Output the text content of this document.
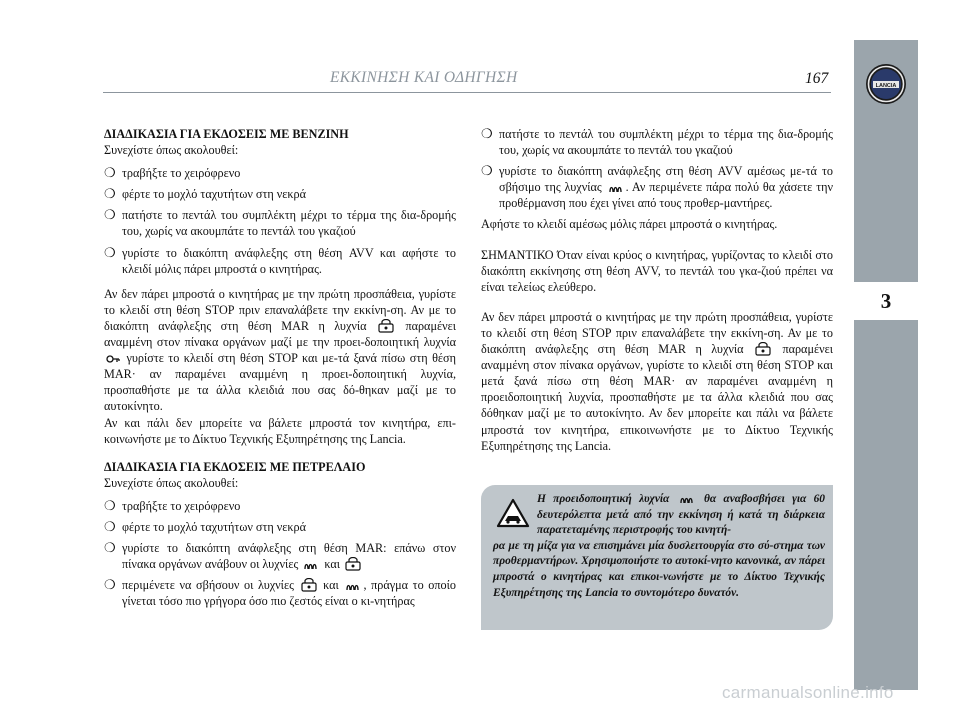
ΕΚΚΙΝΗΣΗ ΚΑΙ ΟΔΗΓΗΣΗ	167	LANCIA
3

ΔΙΑΔΙΚΑΣΙΑ ΓΙΑ ΕΚΔΟΣΕΙΣ ΜΕ ΒΕΝΖΙΝΗ

Συνεχίστε όπως ακολουθεί:

❍ τραβήξτε το χειρόφρενο

❍ φέρτε το μοχλό ταχυτήτων στη νεκρά

❍ πατήστε το πεντάλ του συμπλέκτη μέχρι το τέρμα της δια-δρομής του, χωρίς να ακουμπάτε το πεντάλ του γκαζιού

❍ γυρίστε το διακόπτη ανάφλεξης στη θέση AVV και αφήστε το κλειδί μόλις πάρει μπροστά ο κινητήρας.

Αν δεν πάρει μπροστά ο κινητήρας με την πρώτη προσπάθεια, γυρίστε το κλειδί στη θέση STOP πριν επαναλάβετε την εκκίνη-ση. Αν με το διακόπτη ανάφλεξης στη θέση MAR η λυχνία	παραμένει αναμμένη στον πίνακα οργάνων μαζί με την προει-δοποιητική λυχνία  γυρίστε το κλειδί στη θέση STOP και με-τά ξανά πίσω στη θέση MAR· αν παραμένει αναμμένη η προει-δοποιητική λυχνία, προσπαθήστε με τα άλλα κλειδιά που σας δό-θηκαν μαζί με το αυτοκίνητο.

Αν και πάλι δεν μπορείτε να βάλετε μπροστά τον κινητήρα, επι-κοινωνήστε με το Δίκτυο Τεχνικής Εξυπηρέτησης της Lancia.

ΔΙΑΔΙΚΑΣΙΑ ΓΙΑ ΕΚΔΟΣΕΙΣ ΜΕ ΠΕΤΡΕΛΑΙΟ

Συνεχίστε όπως ακολουθεί:

❍ τραβήξτε το χειρόφρενο

❍ φέρτε το μοχλό ταχυτήτων στη νεκρά

❍ γυρίστε το διακόπτη ανάφλεξης στη θέση MAR: επάνω στον πίνακα οργάνων ανάβουν οι λυχνίες και

❍ περιμένετε να σβήσουν οι λυχνίες και , πράγμα το οποίο γίνεται τόσο πιο γρήγορα όσο πιο ζεστός είναι ο κι-νητήρας

❍ πατήστε το πεντάλ του συμπλέκτη μέχρι το τέρμα της δια-δρομής του, χωρίς να ακουμπάτε το πεντάλ του γκαζιού

❍ γυρίστε το διακόπτη ανάφλεξης στη θέση AVV αμέσως με-τά το σβήσιμο της λυχνίας . Αν περιμένετε πάρα πολύ θα χάσετε την προθέρμανση που έχει γίνει από τους προθερ-μαντήρες.

Αφήστε το κλειδί αμέσως μόλις πάρει μπροστά ο κινητήρας.

ΣΗΜΑΝΤΙΚΟ Όταν είναι κρύος ο κινητήρας, γυρίζοντας το κλειδί στο διακόπτη εκκίνησης στη θέση AVV, το πεντάλ του γκα-ζιού πρέπει να είναι τελείως ελεύθερο.

Αν δεν πάρει μπροστά ο κινητήρας με την πρώτη προσπάθεια, γυρίστε το κλειδί στη θέση STOP πριν επαναλάβετε την εκκίνη-ση. Αν με το διακόπτη ανάφλεξης στη θέση MAR η λυχνία	παραμένει αναμμένη στον πίνακα οργάνων, γυρίστε το κλειδί στη θέση STOP και μετά ξανά πίσω στη θέση MAR· αν παραμένει αναμμένη η προειδοποιητική λυχνία, προσπαθήστε με τα άλλα κλειδιά που σας δόθηκαν μαζί με το αυτοκίνητο. Αν δεν μπορείτε και πάλι να βάλετε μπροστά τον κινητήρα, επικοινωνήστε με το Δίκτυο Τεχνικής Εξυπηρέτησης της Lancia.

Η προειδοποιητική λυχνία	θα αναβοσβήσει για 60 δευτερόλεπτα μετά από την εκκίνηση ή κατά τη διάρκεια παρατεταμένης περιστροφής του κινητή-
ρα με τη μίζα για να επισημάνει μία δυσλειτουργία στο σύ-στημα των προθερμαντήρων. Χρησιμοποιήστε το αυτοκί-νητο κανονικά, αν πάρει μπροστά ο κινητήρας και επικοι-νωνήστε με το Δίκτυο Τεχνικής Εξυπηρέτησης της Lancia το συντομότερο δυνατόν.
carmanualsonline.info
